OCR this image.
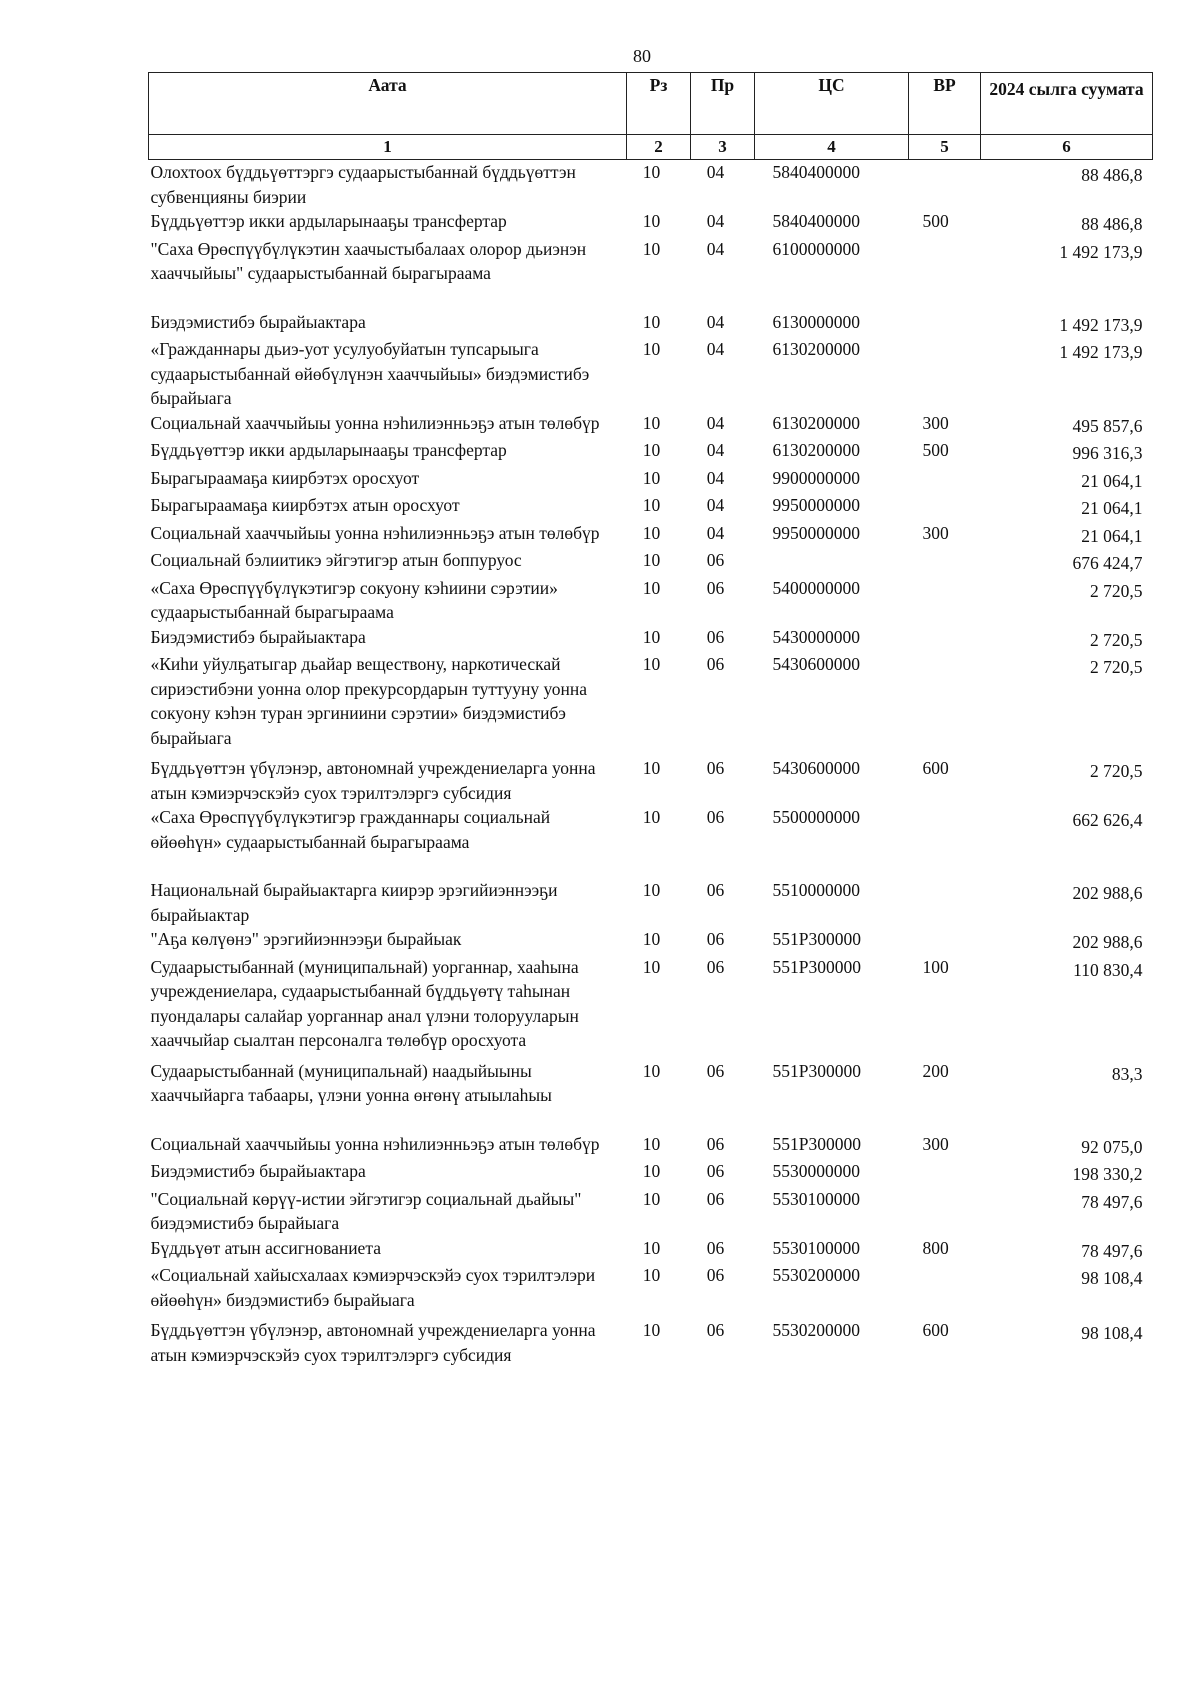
80
Аата	Рз	Пр	ЦС	ВР	2024 сылга суумата
1	2	3	4	5	6
Олохтоох бүддьүөттэргэ судаарыстыбаннай бүддьүөттэн субвенцияны биэрии	10	04	5840400000		88 486,8
Бүддьүөттэр икки ардыларынааҕы трансфертар	10	04	5840400000	500	88 486,8
"Саха Өрөспүүбүлүкэтин хаачыстыбалаах олорор дьиэнэн хааччыйыы" судаарыстыбаннай бырагыраама	10	04	6100000000		1 492 173,9
Биэдэмистибэ бырайыактара	10	04	6130000000		1 492 173,9
«Гражданнары дьиэ-уот усулуобуйатын тупсарыыга судаарыстыбаннай өйөбүлүнэн хааччыйыы» биэдэмистибэ бырайыага	10	04	6130200000		1 492 173,9
Социальнай хааччыйыы уонна нэһилиэнньэҕэ атын төлөбүр	10	04	6130200000	300	495 857,6
Бүддьүөттэр икки ардыларынааҕы трансфертар	10	04	6130200000	500	996 316,3
Бырагыраамаҕа киирбэтэх оросхуот	10	04	9900000000		21 064,1
Бырагыраамаҕа киирбэтэх атын оросхуот	10	04	9950000000		21 064,1
Социальнай хааччыйыы уонна нэһилиэнньэҕэ атын төлөбүр	10	04	9950000000	300	21 064,1
Социальнай бэлиитикэ эйгэтигэр атын боппуруос	10	06			676 424,7
«Саха Өрөспүүбүлүкэтигэр сокуону кэһиини сэрэтии» судаарыстыбаннай бырагыраама	10	06	5400000000		2 720,5
Биэдэмистибэ бырайыактара	10	06	5430000000		2 720,5
«Киһи уйулҕатыгар дьайар веществону, наркотическай сириэстибэни уонна олор прекурсордарын туттууну уонна сокуону кэһэн туран эргиниини сэрэтии» биэдэмистибэ бырайыага	10	06	5430600000		2 720,5
Бүддьүөттэн үбүлэнэр, автономнай учреждениеларга уонна атын кэмиэрчэскэйэ суох тэрилтэлэргэ субсидия	10	06	5430600000	600	2 720,5
«Саха Өрөспүүбүлүкэтигэр гражданнары социальнай өйөөһүн» судаарыстыбаннай бырагыраама	10	06	5500000000		662 626,4
Национальнай бырайыактарга киирэр эрэгийиэннээҕи бырайыактар	10	06	5510000000		202 988,6
"Аҕа көлүөнэ" эрэгийиэннээҕи бырайыак	10	06	551P300000		202 988,6
Судаарыстыбаннай (муниципальнай) уорганнар, хааһына учреждениелара, судаарыстыбаннай бүддьүөтү таһынан пуондалары салайар уорганнар анал үлэни толорууларын хааччыйар сыалтан персоналга төлөбүр оросхуота	10	06	551P300000	100	110 830,4
Судаарыстыбаннай (муниципальнай) наадыйыыны хааччыйарга табаары, үлэни уонна өҥөнү атыылаһыы	10	06	551P300000	200	83,3
Социальнай хааччыйыы уонна нэһилиэнньэҕэ атын төлөбүр	10	06	551P300000	300	92 075,0
Биэдэмистибэ бырайыактара	10	06	5530000000		198 330,2
"Социальнай көрүү-истии эйгэтигэр социальнай дьайыы" биэдэмистибэ бырайыага	10	06	5530100000		78 497,6
Бүддьүөт атын ассигнованиета	10	06	5530100000	800	78 497,6
«Социальнай хайысхалаах кэмиэрчэскэйэ суох тэрилтэлэри өйөөһүн» биэдэмистибэ бырайыага	10	06	5530200000		98 108,4
Бүддьүөттэн үбүлэнэр, автономнай учреждениеларга уонна атын кэмиэрчэскэйэ суох тэрилтэлэргэ субсидия	10	06	5530200000	600	98 108,4
